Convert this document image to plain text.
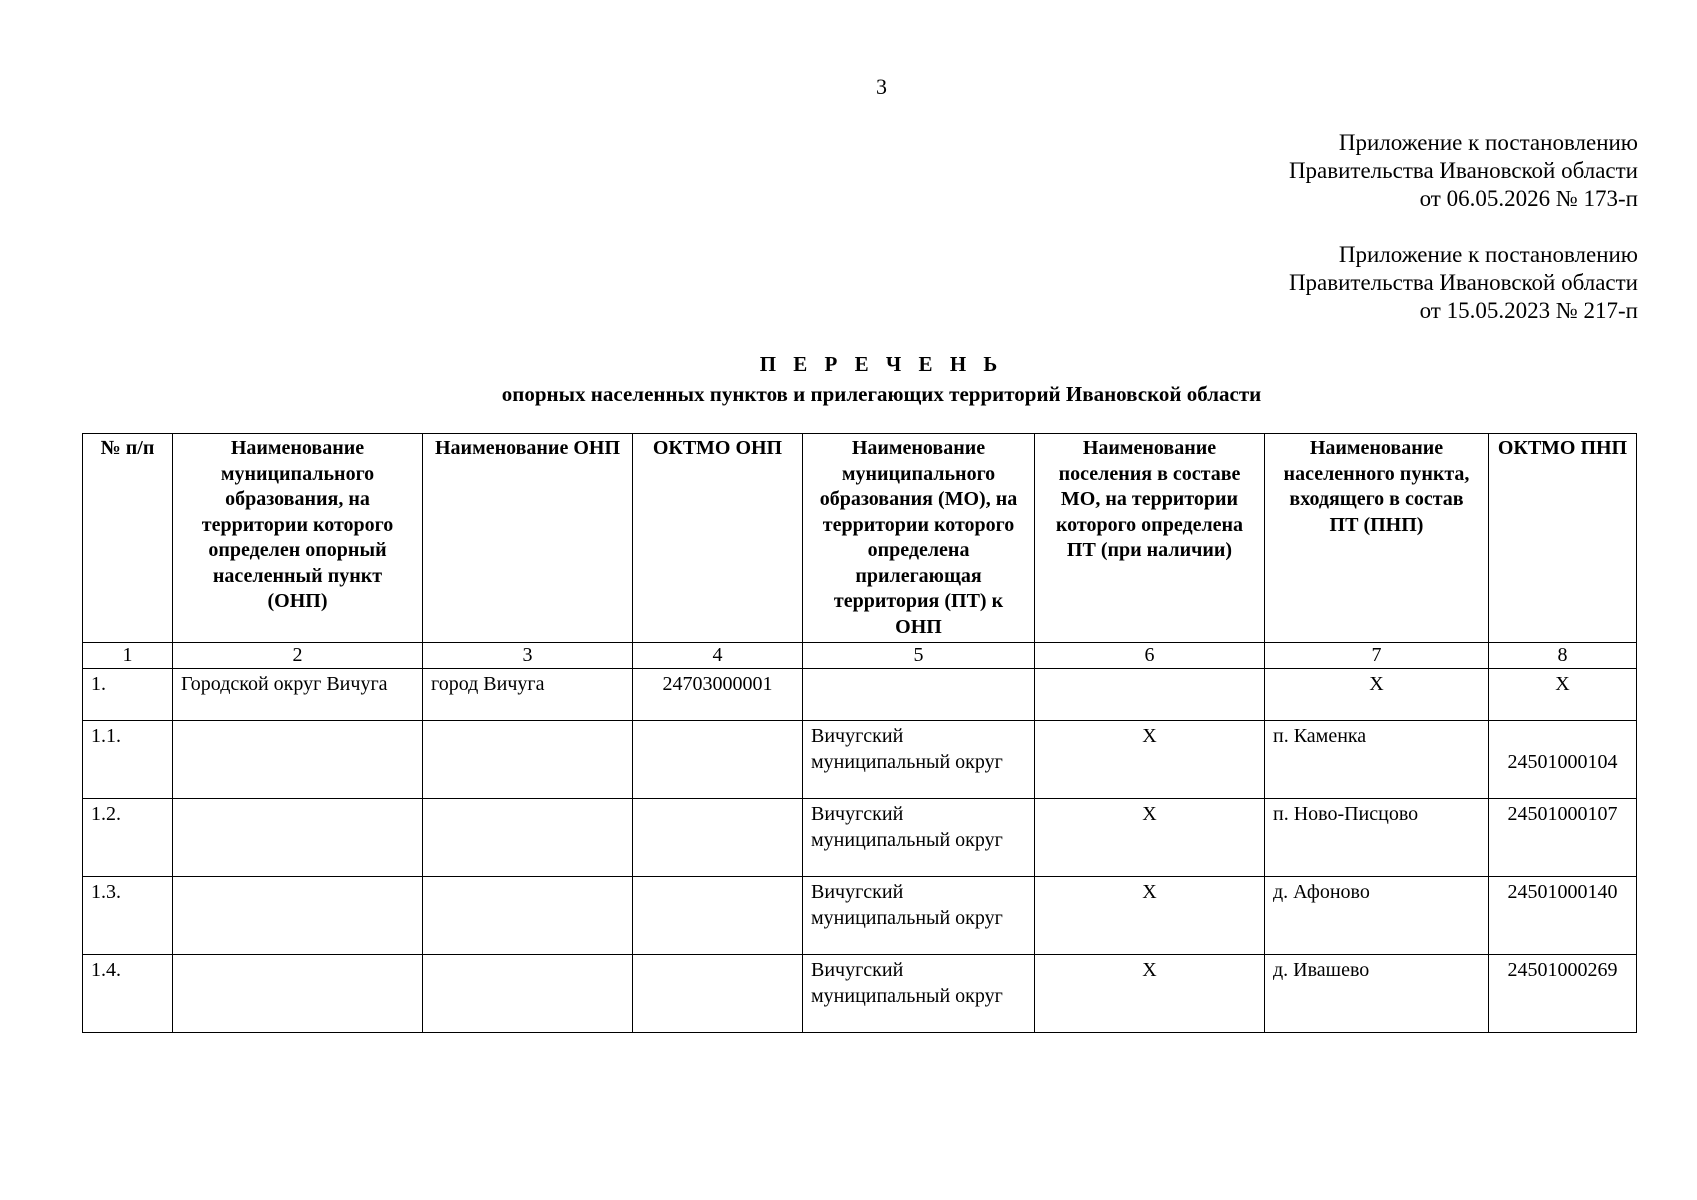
3
Приложение к постановлению
Правительства Ивановской области
от 06.05.2026 № 173-п
Приложение к постановлению
Правительства Ивановской области
от 15.05.2023 № 217-п
П Е Р Е Ч Е Н Ь
опорных населенных пунктов и прилегающих территорий Ивановской области
№ п/п	Наименование муниципального образования, на территории которого определен опорный населенный пункт (ОНП)	Наименование ОНП	ОКТМО ОНП	Наименование муниципального образования (МО), на территории которого определена прилегающая территория (ПТ) к ОНП	Наименование поселения в составе МО, на территории которого определена ПТ (при наличии)	Наименование населенного пункта, входящего в состав ПТ (ПНП)	ОКТМО ПНП
1	2	3	4	5	6	7	8
1.	Городской округ Вичуга	город Вичуга	24703000001			Х	Х
1.1.				Вичугский муниципальный округ	Х	п. Каменка	24501000104
1.2.				Вичугский муниципальный округ	Х	п. Ново-Писцово	24501000107
1.3.				Вичугский муниципальный округ	Х	д. Афоново	24501000140
1.4.				Вичугский муниципальный округ	Х	д. Ивашево	24501000269
